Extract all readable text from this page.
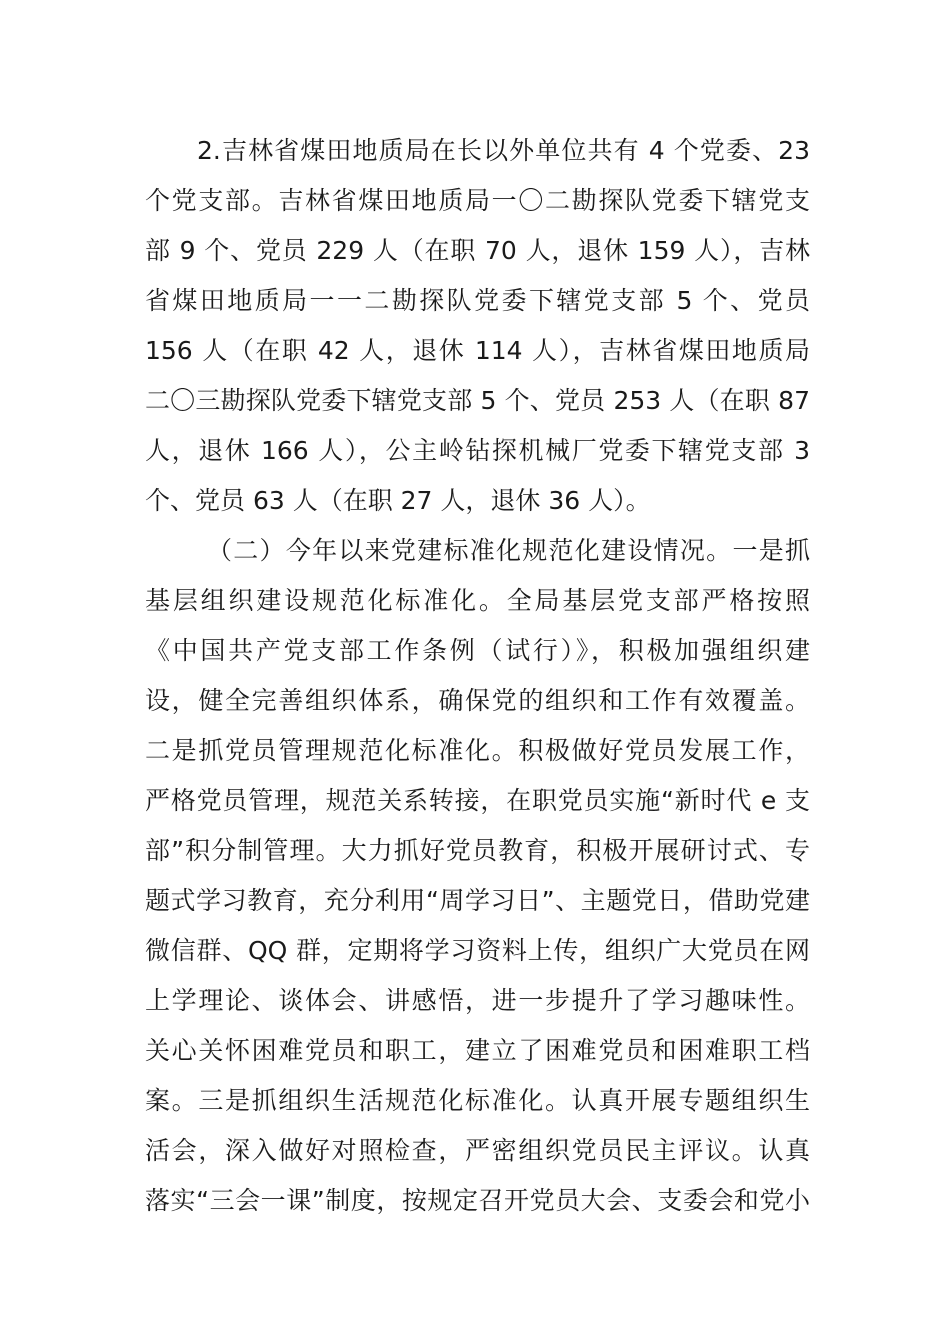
2.吉林省煤田地质局在长以外单位共有 4 个党委、23
个党支部。吉林省煤田地质局一〇二勘探队党委下辖党支
部 9 个、党员 229 人（在职 70 人，退休 159 人），吉林
省煤田地质局一一二勘探队党委下辖党支部 5 个、党员
156 人（在职 42 人，退休 114 人），吉林省煤田地质局
二〇三勘探队党委下辖党支部 5 个、党员 253 人（在职 87
人，退休 166 人），公主岭钻探机械厂党委下辖党支部 3
个、党员 63 人（在职 27 人，退休 36 人）。
（二）今年以来党建标准化规范化建设情况。一是抓
基层组织建设规范化标准化。全局基层党支部严格按照
《中国共产党支部工作条例（试行）》，积极加强组织建
设，健全完善组织体系，确保党的组织和工作有效覆盖。
二是抓党员管理规范化标准化。积极做好党员发展工作，
严格党员管理，规范关系转接，在职党员实施“新时代 e 支
部”积分制管理。大力抓好党员教育，积极开展研讨式、专
题式学习教育，充分利用“周学习日”、主题党日，借助党建
微信群、QQ 群，定期将学习资料上传，组织广大党员在网
上学理论、谈体会、讲感悟，进一步提升了学习趣味性。
关心关怀困难党员和职工，建立了困难党员和困难职工档
案。三是抓组织生活规范化标准化。认真开展专题组织生
活会，深入做好对照检查，严密组织党员民主评议。认真
落实“三会一课”制度，按规定召开党员大会、支委会和党小
